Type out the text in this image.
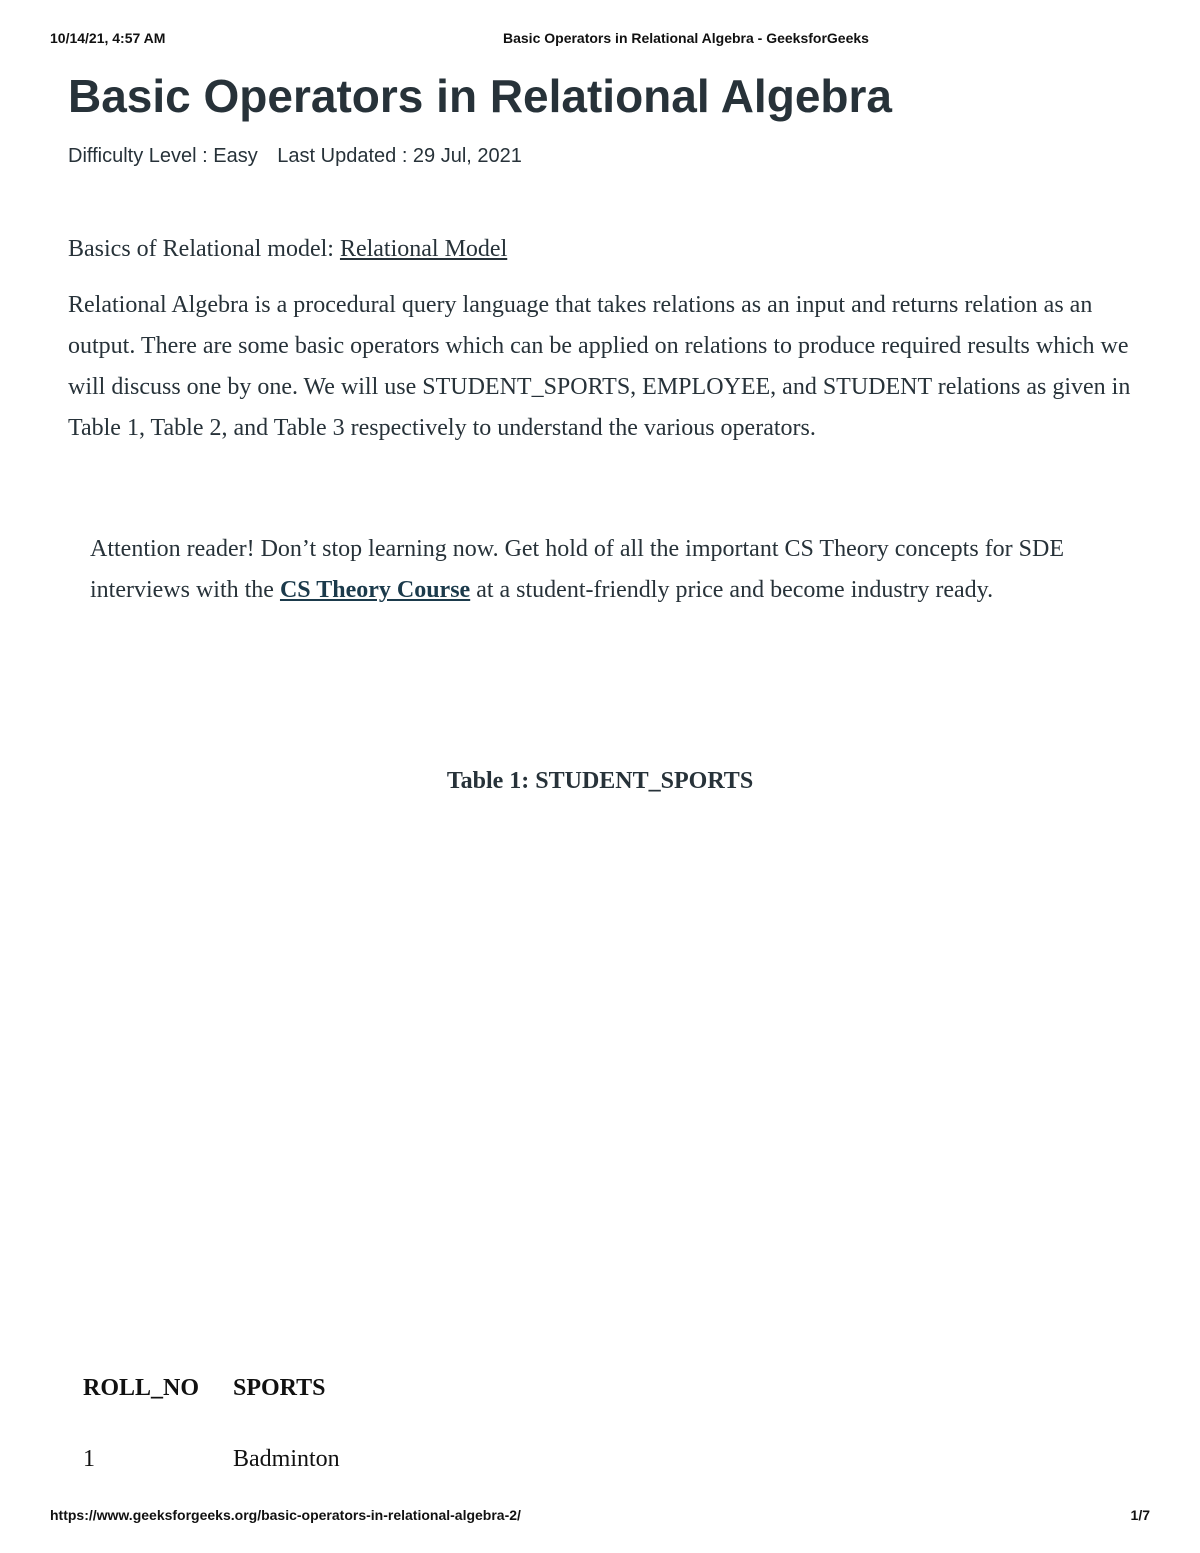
10/14/21, 4:57 AM	Basic Operators in Relational Algebra - GeeksforGeeks
Basic Operators in Relational Algebra
Difficulty Level : Easy Last Updated : 29 Jul, 2021

Basics of Relational model: Relational Model

Relational Algebra is a procedural query language that takes relations as an input and returns relation as an output. There are some basic operators which can be applied on relations to produce required results which we will discuss one by one. We will use STUDENT_SPORTS, EMPLOYEE, and STUDENT relations as given in Table 1, Table 2, and Table 3 respectively to understand the various operators.

Attention reader! Don’t stop learning now. Get hold of all the important CS Theory concepts for SDE interviews with the CS Theory Course at a student-friendly price and become industry ready.

Table 1: STUDENT_SPORTS
ROLL_NO SPORTS
1	Badminton
https://www.geeksforgeeks.org/basic-operators-in-relational-algebra-2/	1/7
